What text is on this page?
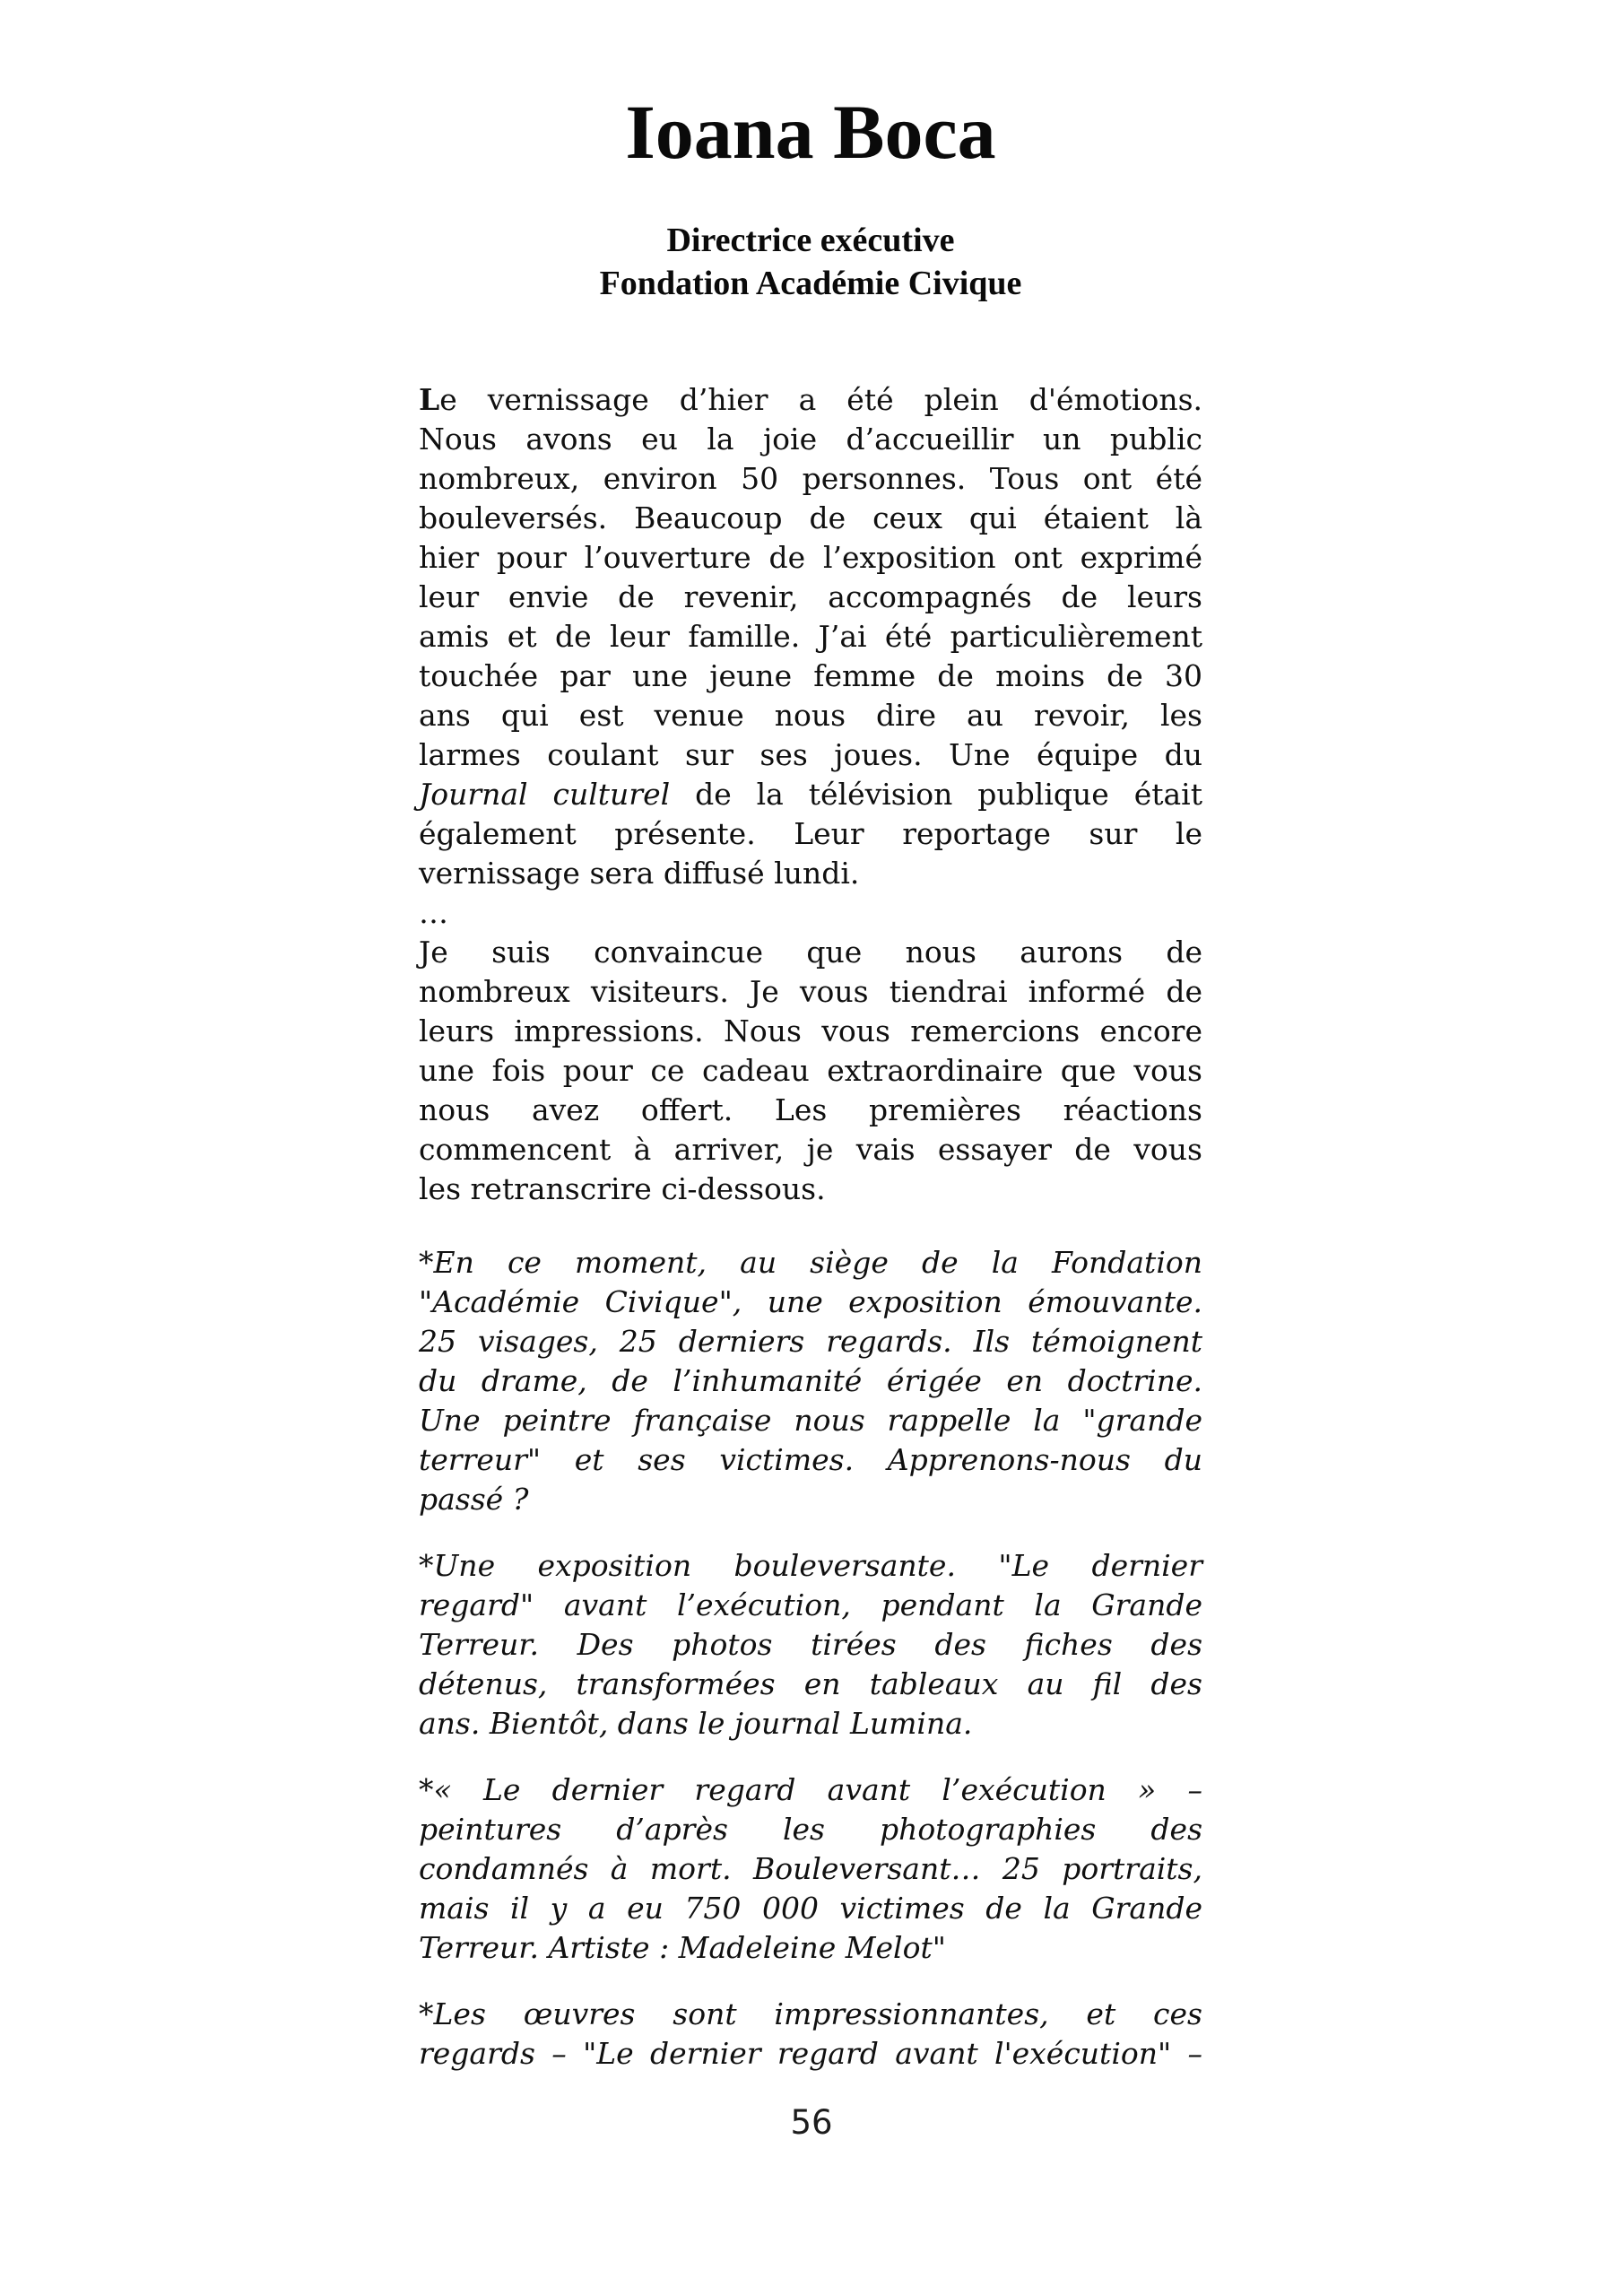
Ioana Boca
Directrice exécutive
Fondation Académie Civique
Le vernissage d’hier a été plein d'émotions.
Nous avons eu la joie d’accueillir un public
nombreux, environ 50 personnes. Tous ont été
bouleversés. Beaucoup de ceux qui étaient là
hier pour l’ouverture de l’exposition ont exprimé
leur envie de revenir, accompagnés de leurs
amis et de leur famille. J’ai été particulièrement
touchée par une jeune femme de moins de 30
ans qui est venue nous dire au revoir, les
larmes coulant sur ses joues. Une équipe du
Journal culturel de la télévision publique était
également présente. Leur reportage sur le
vernissage sera diffusé lundi.
…
Je suis convaincue que nous aurons de
nombreux visiteurs. Je vous tiendrai informé de
leurs impressions. Nous vous remercions encore
une fois pour ce cadeau extraordinaire que vous
nous avez offert. Les premières réactions
commencent à arriver, je vais essayer de vous
les retranscrire ci-dessous.
*En ce moment, au siège de la Fondation
"Académie Civique", une exposition émouvante.
25 visages, 25 derniers regards. Ils témoignent
du drame, de l’inhumanité érigée en doctrine.
Une peintre française nous rappelle la "grande
terreur" et ses victimes. Apprenons-nous du
passé ?
*Une exposition bouleversante. "Le dernier
regard" avant l’exécution, pendant la Grande
Terreur. Des photos tirées des fiches des
détenus, transformées en tableaux au fil des
ans. Bientôt, dans le journal Lumina.
*« Le dernier regard avant l’exécution » –
peintures d’après les photographies des
condamnés à mort. Bouleversant… 25 portraits,
mais il y a eu 750 000 victimes de la Grande
Terreur. Artiste : Madeleine Melot"
*Les œuvres sont impressionnantes, et ces
regards – "Le dernier regard avant l'exécution" –
56
